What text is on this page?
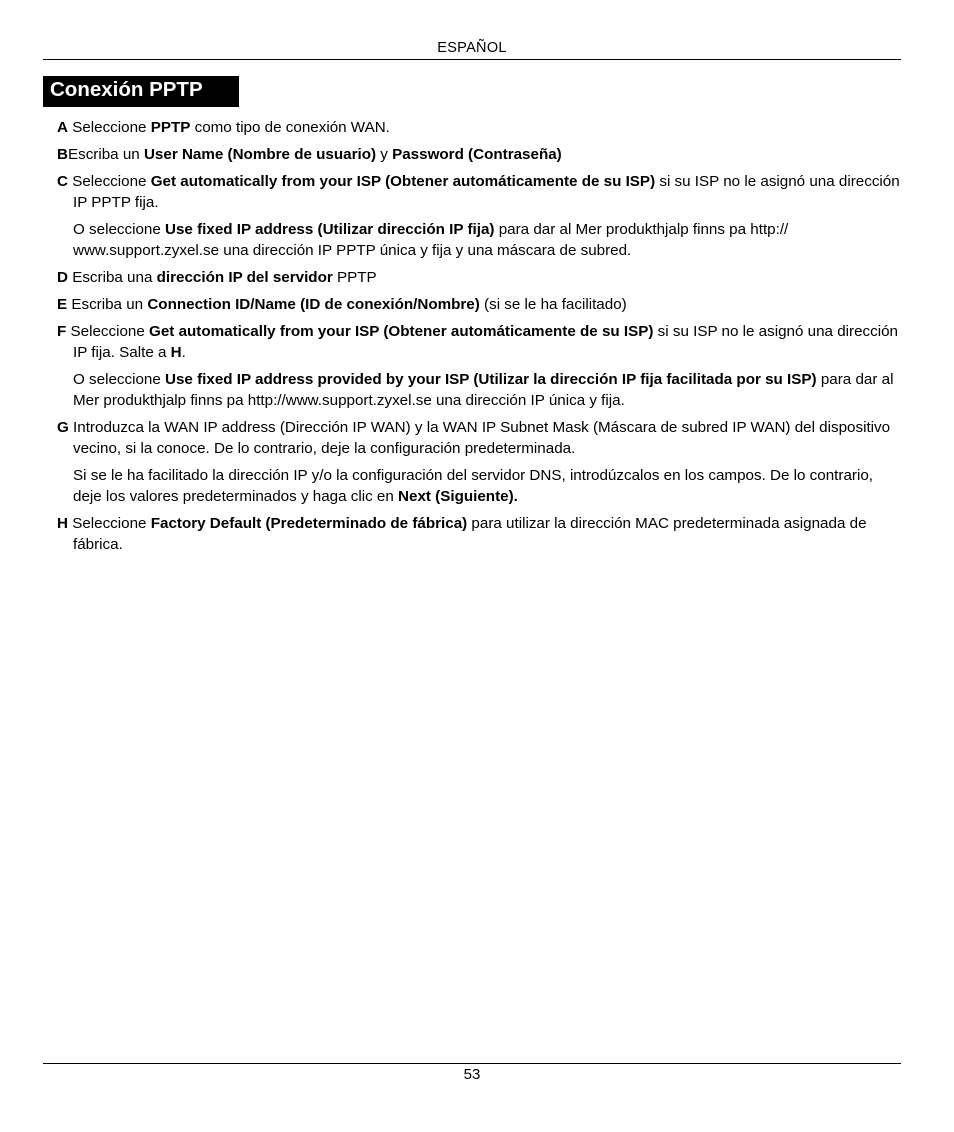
ESPAÑOL
Conexión PPTP

A Seleccione PPTP como tipo de conexión WAN.

BEscriba un User Name (Nombre de usuario) y Password (Contraseña)

C Seleccione Get automatically from your ISP (Obtener automáticamente de su ISP) si su ISP no le asignó una dirección IP PPTP fija.

O seleccione Use fixed IP address (Utilizar dirección IP fija) para dar al Mer produkthjalp finns pa http:// www.support.zyxel.se una dirección IP PPTP única y fija y una máscara de subred.

D Escriba una dirección IP del servidor PPTP

E Escriba un Connection ID/Name (ID de conexión/Nombre) (si se le ha facilitado)

F Seleccione Get automatically from your ISP (Obtener automáticamente de su ISP) si su ISP no le asignó una dirección IP fija. Salte a H.

O seleccione Use fixed IP address provided by your ISP (Utilizar la dirección IP fija facilitada por su ISP) para dar al Mer produkthjalp finns pa http://www.support.zyxel.se una dirección IP única y fija.

G Introduzca la WAN IP address (Dirección IP WAN) y la WAN IP Subnet Mask (Máscara de subred IP WAN) del dispositivo vecino, si la conoce. De lo contrario, deje la configuración predeterminada.

Si se le ha facilitado la dirección IP y/o la configuración del servidor DNS, introdúzcalos en los campos. De lo contrario, deje los valores predeterminados y haga clic en Next (Siguiente).

H Seleccione Factory Default (Predeterminado de fábrica) para utilizar la dirección MAC predeterminada asignada de fábrica.

53
